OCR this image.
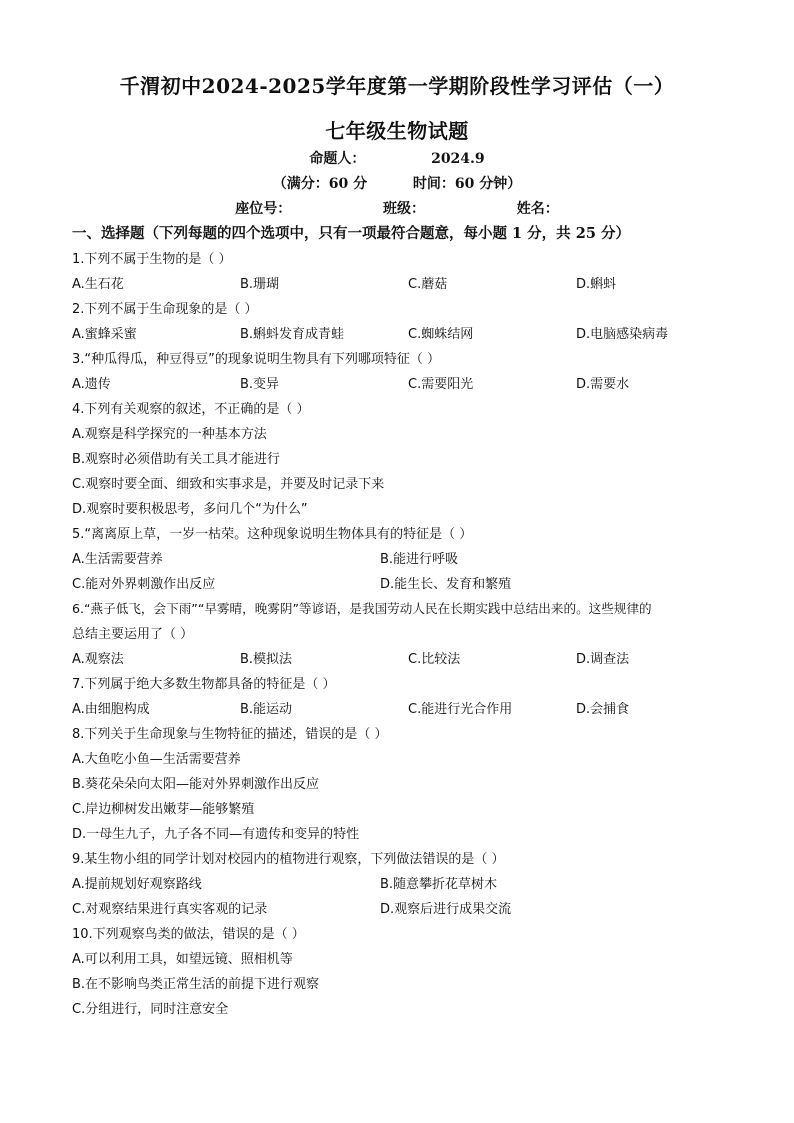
千渭初中2024-2025学年度第一学期阶段性学习评估（一）
七年级生物试题
命题人：	2024.9
（满分：60 分	时间：60 分钟）
座位号：	班级：	姓名：
一、选择题（下列每题的四个选项中，只有一项最符合题意，每小题 1 分，共 25 分）
1.下列不属于生物的是（ ）
A.生石花	B.珊瑚	C.蘑菇	D.蝌蚪
2.下列不属于生命现象的是（ ）
A.蜜蜂采蜜	B.蝌蚪发育成青蛙	C.蜘蛛结网	D.电脑感染病毒
3.“种瓜得瓜，种豆得豆”的现象说明生物具有下列哪项特征（ ）
A.遗传	B.变异	C.需要阳光	D.需要水
4.下列有关观察的叙述，不正确的是（ ）
A.观察是科学探究的一种基本方法
B.观察时必须借助有关工具才能进行
C.观察时要全面、细致和实事求是，并要及时记录下来
D.观察时要积极思考，多问几个“为什么”
5.“离离原上草，一岁一枯荣。这种现象说明生物体具有的特征是（ ）
A.生活需要营养	B.能进行呼吸
C.能对外界刺激作出反应	D.能生长、发育和繁殖
6.“燕子低飞，会下雨”“早雾晴，晚雾阴”等谚语，是我国劳动人民在长期实践中总结出来的。这些规律的
总结主要运用了（ ）
A.观察法	B.模拟法	C.比较法	D.调查法
7.下列属于绝大多数生物都具备的特征是（ ）
A.由细胞构成	B.能运动	C.能进行光合作用	D.会捕食
8.下列关于生命现象与生物特征的描述，错误的是（ ）
A.大鱼吃小鱼—生活需要营养
B.葵花朵朵向太阳—能对外界刺激作出反应
C.岸边柳树发出嫩芽—能够繁殖
D.一母生九子，九子各不同—有遗传和变异的特性
9.某生物小组的同学计划对校园内的植物进行观察，下列做法错误的是（ ）
A.提前规划好观察路线	B.随意攀折花草树木
C.对观察结果进行真实客观的记录	D.观察后进行成果交流
10.下列观察鸟类的做法，错误的是（ ）
A.可以利用工具，如望远镜、照相机等
B.在不影响鸟类正常生活的前提下进行观察
C.分组进行，同时注意安全
